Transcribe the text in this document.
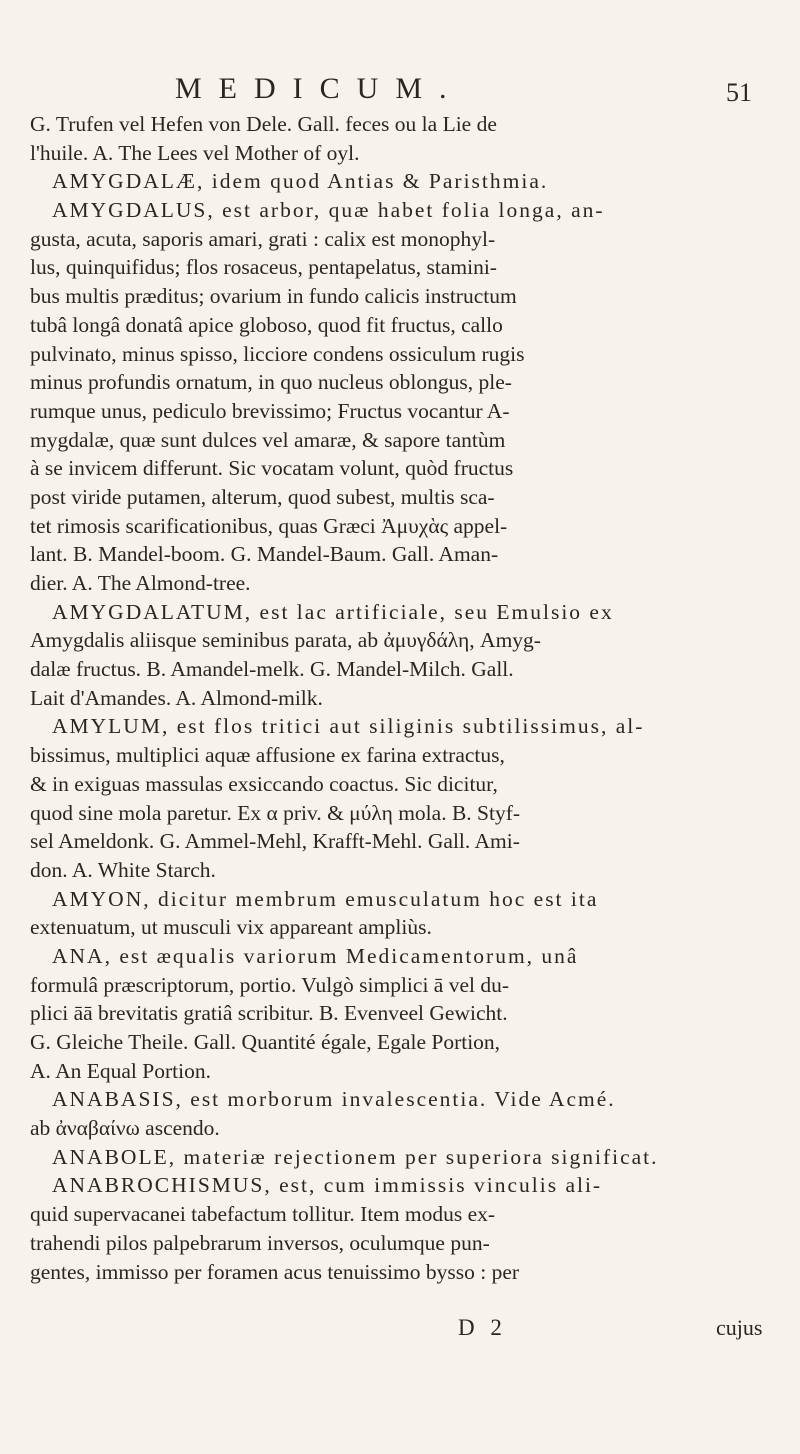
MEDICUM.	51
G. Trufen vel Hefen von Dele. Gall. feces ou la Lie de
l'huile. A. The Lees vel Mother of oyl.
AMYGDALÆ, idem quod Antias & Paristhmia.
AMYGDALUS, est arbor, quæ habet folia longa, an-
gusta, acuta, saporis amari, grati : calix est monophyl-
lus, quinquifidus; flos rosaceus, pentapelatus, stamini-
bus multis præditus; ovarium in fundo calicis instructum
tubâ longâ donatâ apice globoso, quod fit fructus, callo
pulvinato, minus spisso, licciore condens ossiculum rugis
minus profundis ornatum, in quo nucleus oblongus, ple-
rumque unus, pediculo brevissimo; Fructus vocantur A-
mygdalæ, quæ sunt dulces vel amaræ, & sapore tantùm
à se invicem differunt. Sic vocatam volunt, quòd fructus
post viride putamen, alterum, quod subest, multis sca-
tet rimosis scarificationibus, quas Græci Ἀμυχὰς appel-
lant. B. Mandel-boom. G. Mandel-Baum. Gall. Aman-
dier. A. The Almond-tree.
AMYGDALATUM, est lac artificiale, seu Emulsio ex
Amygdalis aliisque seminibus parata, ab ἀμυγδάλη, Amyg-
dalæ fructus. B. Amandel-melk. G. Mandel-Milch. Gall.
Lait d'Amandes. A. Almond-milk.
AMYLUM, est flos tritici aut siliginis subtilissimus, al-
bissimus, multiplici aquæ affusione ex farina extractus,
& in exiguas massulas exsiccando coactus. Sic dicitur,
quod sine mola paretur. Ex α priv. & μύλη mola. B. Styf-
sel Ameldonk. G. Ammel-Mehl, Krafft-Mehl. Gall. Ami-
don. A. White Starch.
AMYON, dicitur membrum emusculatum hoc est ita
extenuatum, ut musculi vix appareant ampliùs.
ANA, est æqualis variorum Medicamentorum, unâ
formulâ præscriptorum, portio. Vulgò simplici ā vel du-
plici āā brevitatis gratiâ scribitur. B. Evenveel Gewicht.
G. Gleiche Theile. Gall. Quantité égale, Egale Portion,
A. An Equal Portion.
ANABASIS, est morborum invalescentia. Vide Acmé.
ab ἀναβαίνω ascendo.
ANABOLE, materiæ rejectionem per superiora significat.
ANABROCHISMUS, est, cum immissis vinculis ali-
quid supervacanei tabefactum tollitur. Item modus ex-
trahendi pilos palpebrarum inversos, oculumque pun-
gentes, immisso per foramen acus tenuissimo bysso : per
D 2	cujus
